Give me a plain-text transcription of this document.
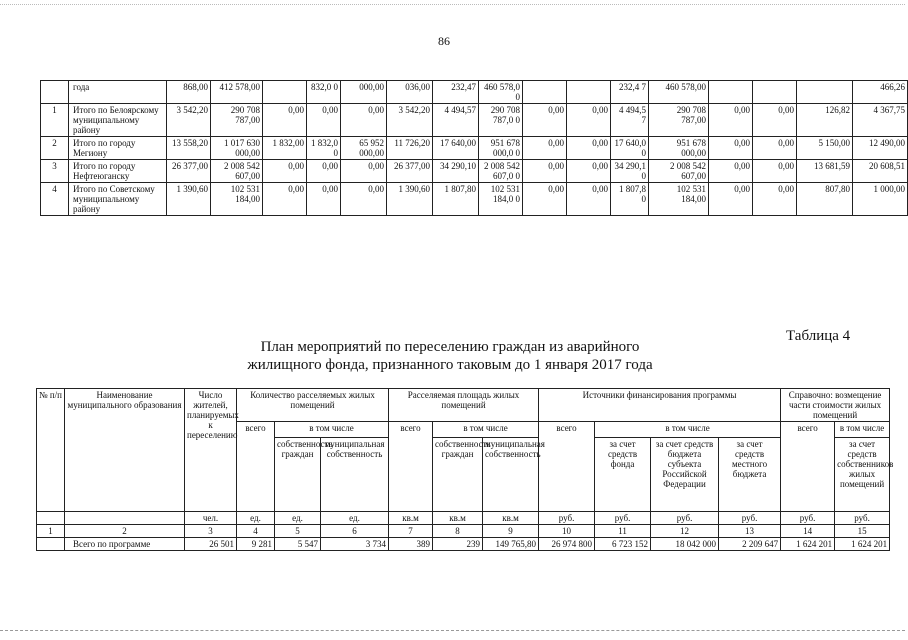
86
	года	868,00	412 578,00		832,0 0	000,00	036,00	232,47	460 578,0 0			232,4 7	460 578,00				466,26
1	Итого по Белоярскому муниципальному району	3 542,20	290 708 787,00	0,00	0,00	0,00	3 542,20	4 494,57	290 708 787,0 0	0,00	0,00	4 494,5 7	290 708 787,00	0,00	0,00	126,82	4 367,75
2	Итого по городу Мегиону	13 558,20	1 017 630 000,00	1 832,00	1 832,0 0	65 952 000,00	11 726,20	17 640,00	951 678 000,0 0	0,00	0,00	17 640,0 0	951 678 000,00	0,00	0,00	5 150,00	12 490,00
3	Итого по городу Нефтеюганску	26 377,00	2 008 542 607,00	0,00	0,00	0,00	26 377,00	34 290,10	2 008 542 607,0 0	0,00	0,00	34 290,1 0	2 008 542 607,00	0,00	0,00	13 681,59	20 608,51
4	Итого по Советскому муниципальному району	1 390,60	102 531 184,00	0,00	0,00	0,00	1 390,60	1 807,80	102 531 184,0 0	0,00	0,00	1 807,8 0	102 531 184,00	0,00	0,00	807,80	1 000,00
Таблица 4
План мероприятий по переселению граждан из аварийного жилищного фонда, признанного таковым до 1 января 2017 года
№ п/п	Наименование муниципального образования	Число жителей, планируемых к переселению	Количество расселяемых жилых помещений			Расселяемая площадь жилых помещений			Источники финансирования программы				Справочно: возмещение части стоимости жилых помещений	
			всего	в том числе		всего	в том числе		всего	в том числе			всего	в том числе
				собственность граждан	муниципальная собственность		собственность граждан	муниципальная собственность		за счет средств фонда	за счет средств бюджета субъекта Российской Федерации	за счет средств местного бюджета		за счет средств собственников жилых помещений
		чел.	ед.	ед.	ед.	кв.м	кв.м	кв.м	руб.	руб.	руб.	руб.	руб.	руб.
1	2	3	4	5	6	7	8	9	10	11	12	13	14	15
	Всего по программе	26 501	9 281	5 547	3 734	389	239	149 765,80	26 974 800	6 723 152	18 042 000	2 209 647	1 624 201	1 624 201
